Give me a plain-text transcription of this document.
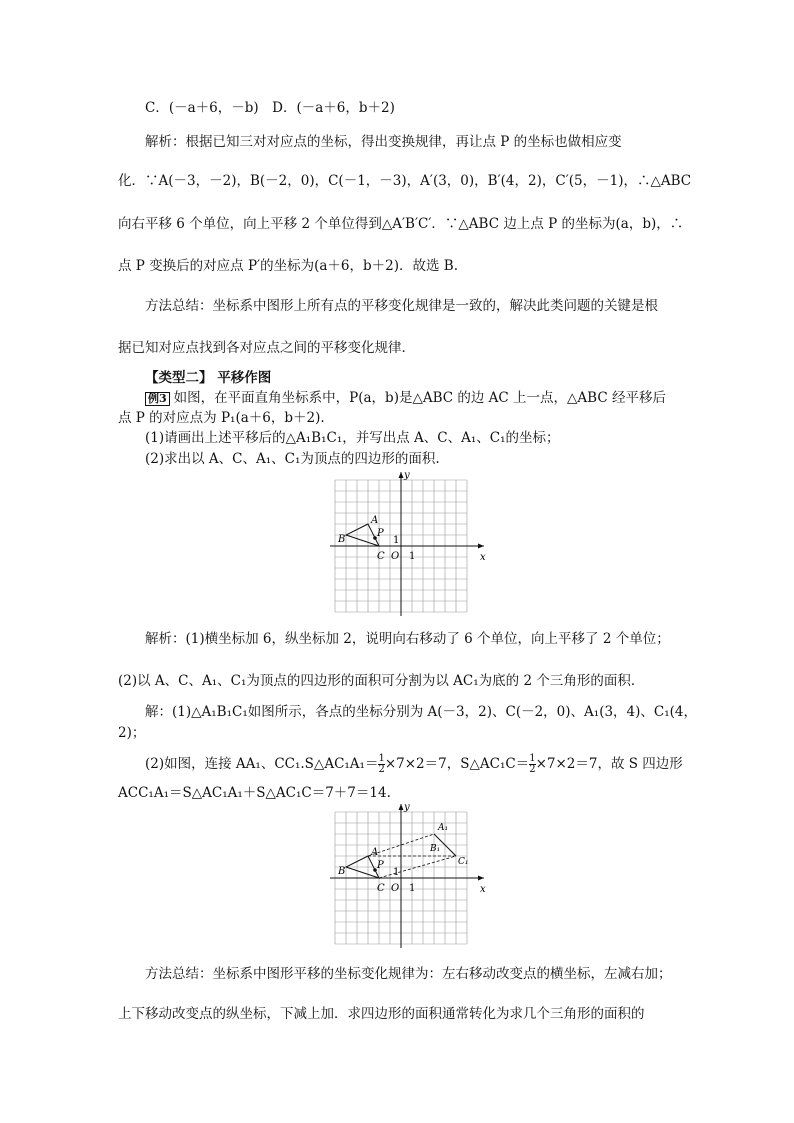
C．(－a＋6，－b)　D．(－a＋6，b＋2)
解析：根据已知三对对应点的坐标，得出变换规律，再让点 P 的坐标也做相应变
化．∵A(－3，－2)，B(－2，0)，C(－1，－3)，A′(3，0)，B′(4，2)，C′(5，－1)，∴△ABC
向右平移 6 个单位，向上平移 2 个单位得到△A′B′C′．∵△ABC 边上点 P 的坐标为(a，b)，∴
点 P 变换后的对应点 P′的坐标为(a＋6，b＋2)．故选 B.
方法总结：坐标系中图形上所有点的平移变化规律是一致的，解决此类问题的关键是根
据已知对应点找到各对应点之间的平移变化规律．
【类型二】 平移作图
例3 如图，在平面直角坐标系中，P(a，b)是△ABC 的边 AC 上一点，△ABC 经平移后
点 P 的对应点为 P₁(a＋6，b＋2).
(1)请画出上述平移后的△A₁B₁C₁，并写出点 A、C、A₁、C₁的坐标；
(2)求出以 A、C、A₁、C₁为顶点的四边形的面积.
A
B
C
P
O 1
1
x
y
解析：(1)横坐标加 6，纵坐标加 2，说明向右移动了 6 个单位，向上平移了 2 个单位；
(2)以 A、C、A₁、C₁为顶点的四边形的面积可分割为以 AC₁为底的 2 个三角形的面积．
解：(1)△A₁B₁C₁如图所示，各点的坐标分别为 A(－3，2)、C(－2，0)、A₁(3，4)、C₁(4，
2)；
(2)如图，连接 AA₁、CC₁.S△AC₁A₁＝ $\frac{1}{2} \times 7\times 2=7$，S△AC₁C＝ $\frac{1}{2} \times 7\times 2=7$，故 S 四边形
ACC₁A₁＝S△AC₁A₁＋S△AC₁C＝7＋7＝14.
A
B
C
P
O 1
1
A₁
B₁
C₁
x
y
方法总结：坐标系中图形平移的坐标变化规律为：左右移动改变点的横坐标，左减右加；
上下移动改变点的纵坐标，下减上加．求四边形的面积通常转化为求几个三角形的面积的
